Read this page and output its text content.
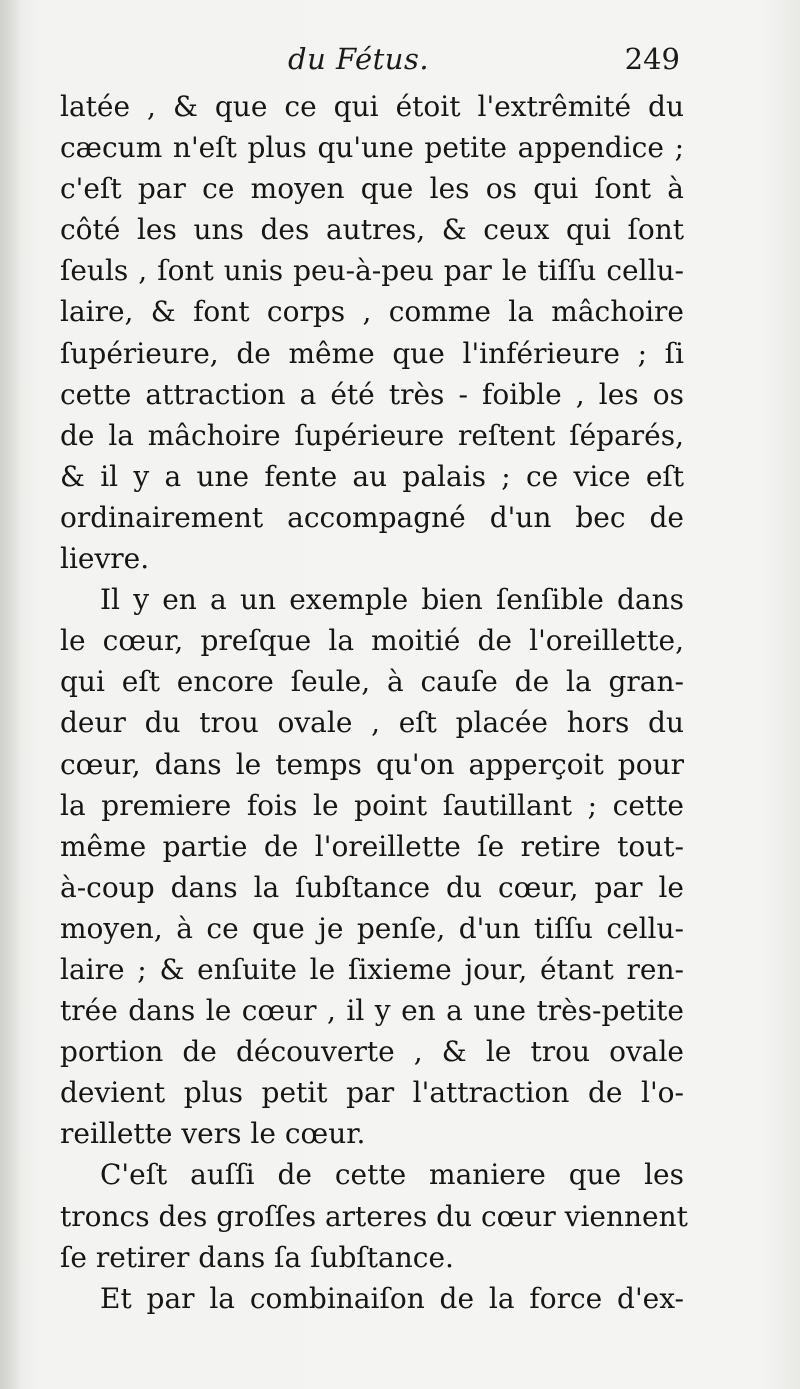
du Fétus.	249
latée , & que ce qui étoit l'extrêmité du
cæcum n'eſt plus qu'une petite appendice ;
c'eſt par ce moyen que les os qui ſont à
côté les uns des autres, & ceux qui ſont
ſeuls , ſont unis peu-à-peu par le tiſſu cellu-
laire, & font corps , comme la mâchoire
ſupérieure, de même que l'inférieure ; ſi
cette attraction a été très - foible , les os
de la mâchoire ſupérieure reſtent ſéparés,
& il y a une fente au palais ; ce vice eſt
ordinairement accompagné d'un bec de
lievre.
Il y en a un exemple bien ſenſible dans
le cœur, preſque la moitié de l'oreillette,
qui eſt encore ſeule, à cauſe de la gran-
deur du trou ovale , eſt placée hors du
cœur, dans le temps qu'on apperçoit pour
la premiere fois le point ſautillant ; cette
même partie de l'oreillette ſe retire tout-
à-coup dans la ſubſtance du cœur, par le
moyen, à ce que je penſe, d'un tiſſu cellu-
laire ; & enſuite le ſixieme jour, étant ren-
trée dans le cœur , il y en a une très-petite
portion de découverte , & le trou ovale
devient plus petit par l'attraction de l'o-
reillette vers le cœur.
C'eſt auſſi de cette maniere que les
troncs des groſſes arteres du cœur viennent
ſe retirer dans ſa ſubſtance.
Et par la combinaiſon de la force d'ex-
